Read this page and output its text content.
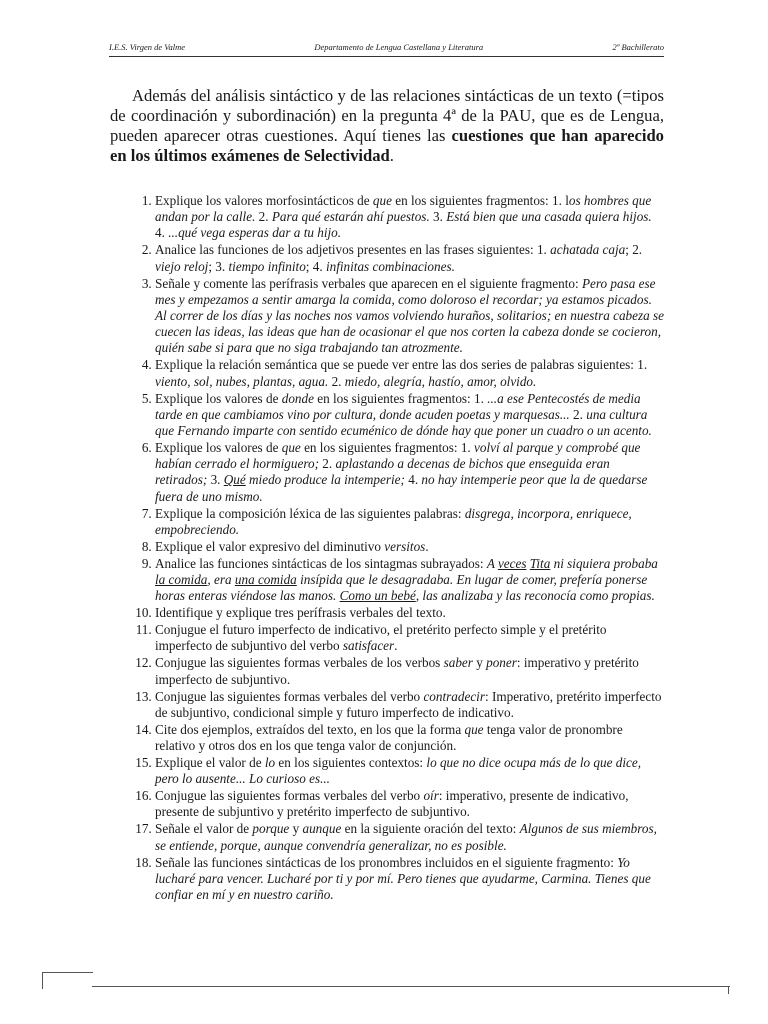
I.E.S. Virgen de Valme	Departamento de Lengua Castellana y Literatura	2º Bachillerato

Además del análisis sintáctico y de las relaciones sintácticas de un texto (=tipos de coordinación y subordinación) en la pregunta 4ª de la PAU, que es de Lengua, pueden aparecer otras cuestiones. Aquí tienes las cuestiones que han aparecido en los últimos exámenes de Selectividad.

1. Explique los valores morfosintácticos de que en los siguientes fragmentos: 1. los hombres que andan por la calle. 2. Para qué estarán ahí puestos. 3. Está bien que una casada quiera hijos. 4. ...qué vega esperas dar a tu hijo.
2. Analice las funciones de los adjetivos presentes en las frases siguientes: 1. achatada caja; 2. viejo reloj; 3. tiempo infinito; 4. infinitas combinaciones.
3. Señale y comente las perífrasis verbales que aparecen en el siguiente fragmento: Pero pasa ese mes y empezamos a sentir amarga la comida, como doloroso el recordar; ya estamos picados. Al correr de los días y las noches nos vamos volviendo huraños, solitarios; en nuestra cabeza se cuecen las ideas, las ideas que han de ocasionar el que nos corten la cabeza donde se cocieron, quién sabe si para que no siga trabajando tan atrozmente.
4. Explique la relación semántica que se puede ver entre las dos series de palabras siguientes: 1. viento, sol, nubes, plantas, agua. 2. miedo, alegría, hastío, amor, olvido.
5. Explique los valores de donde en los siguientes fragmentos: 1. ...a ese Pentecostés de media tarde en que cambiamos vino por cultura, donde acuden poetas y marquesas... 2. una cultura que Fernando imparte con sentido ecuménico de dónde hay que poner un cuadro o un acento.
6. Explique los valores de que en los siguientes fragmentos: 1. volví al parque y comprobé que habían cerrado el hormiguero; 2. aplastando a decenas de bichos que enseguida eran retirados; 3. Qué miedo produce la intemperie; 4. no hay intemperie peor que la de quedarse fuera de uno mismo.
7. Explique la composición léxica de las siguientes palabras: disgrega, incorpora, enriquece, empobreciendo.
8. Explique el valor expresivo del diminutivo versitos.
9. Analice las funciones sintácticas de los sintagmas subrayados: A veces Tita ni siquiera probaba la comida, era una comida insípida que le desagradaba. En lugar de comer, prefería ponerse horas enteras viéndose las manos. Como un bebé, las analizaba y las reconocía como propias.
10. Identifique y explique tres perífrasis verbales del texto.
11. Conjugue el futuro imperfecto de indicativo, el pretérito perfecto simple y el pretérito imperfecto de subjuntivo del verbo satisfacer.
12. Conjugue las siguientes formas verbales de los verbos saber y poner: imperativo y pretérito imperfecto de subjuntivo.
13. Conjugue las siguientes formas verbales del verbo contradecir: Imperativo, pretérito imperfecto de subjuntivo, condicional simple y futuro imperfecto de indicativo.
14. Cite dos ejemplos, extraídos del texto, en los que la forma que tenga valor de pronombre relativo y otros dos en los que tenga valor de conjunción.
15. Explique el valor de lo en los siguientes contextos: lo que no dice ocupa más de lo que dice, pero lo ausente... Lo curioso es...
16. Conjugue las siguientes formas verbales del verbo oír: imperativo, presente de indicativo, presente de subjuntivo y pretérito imperfecto de subjuntivo.
17. Señale el valor de porque y aunque en la siguiente oración del texto: Algunos de sus miembros, se entiende, porque, aunque convendría generalizar, no es posible.
18. Señale las funciones sintácticas de los pronombres incluidos en el siguiente fragmento: Yo lucharé para vencer. Lucharé por ti y por mí. Pero tienes que ayudarme, Carmina. Tienes que confiar en mí y en nuestro cariño.
